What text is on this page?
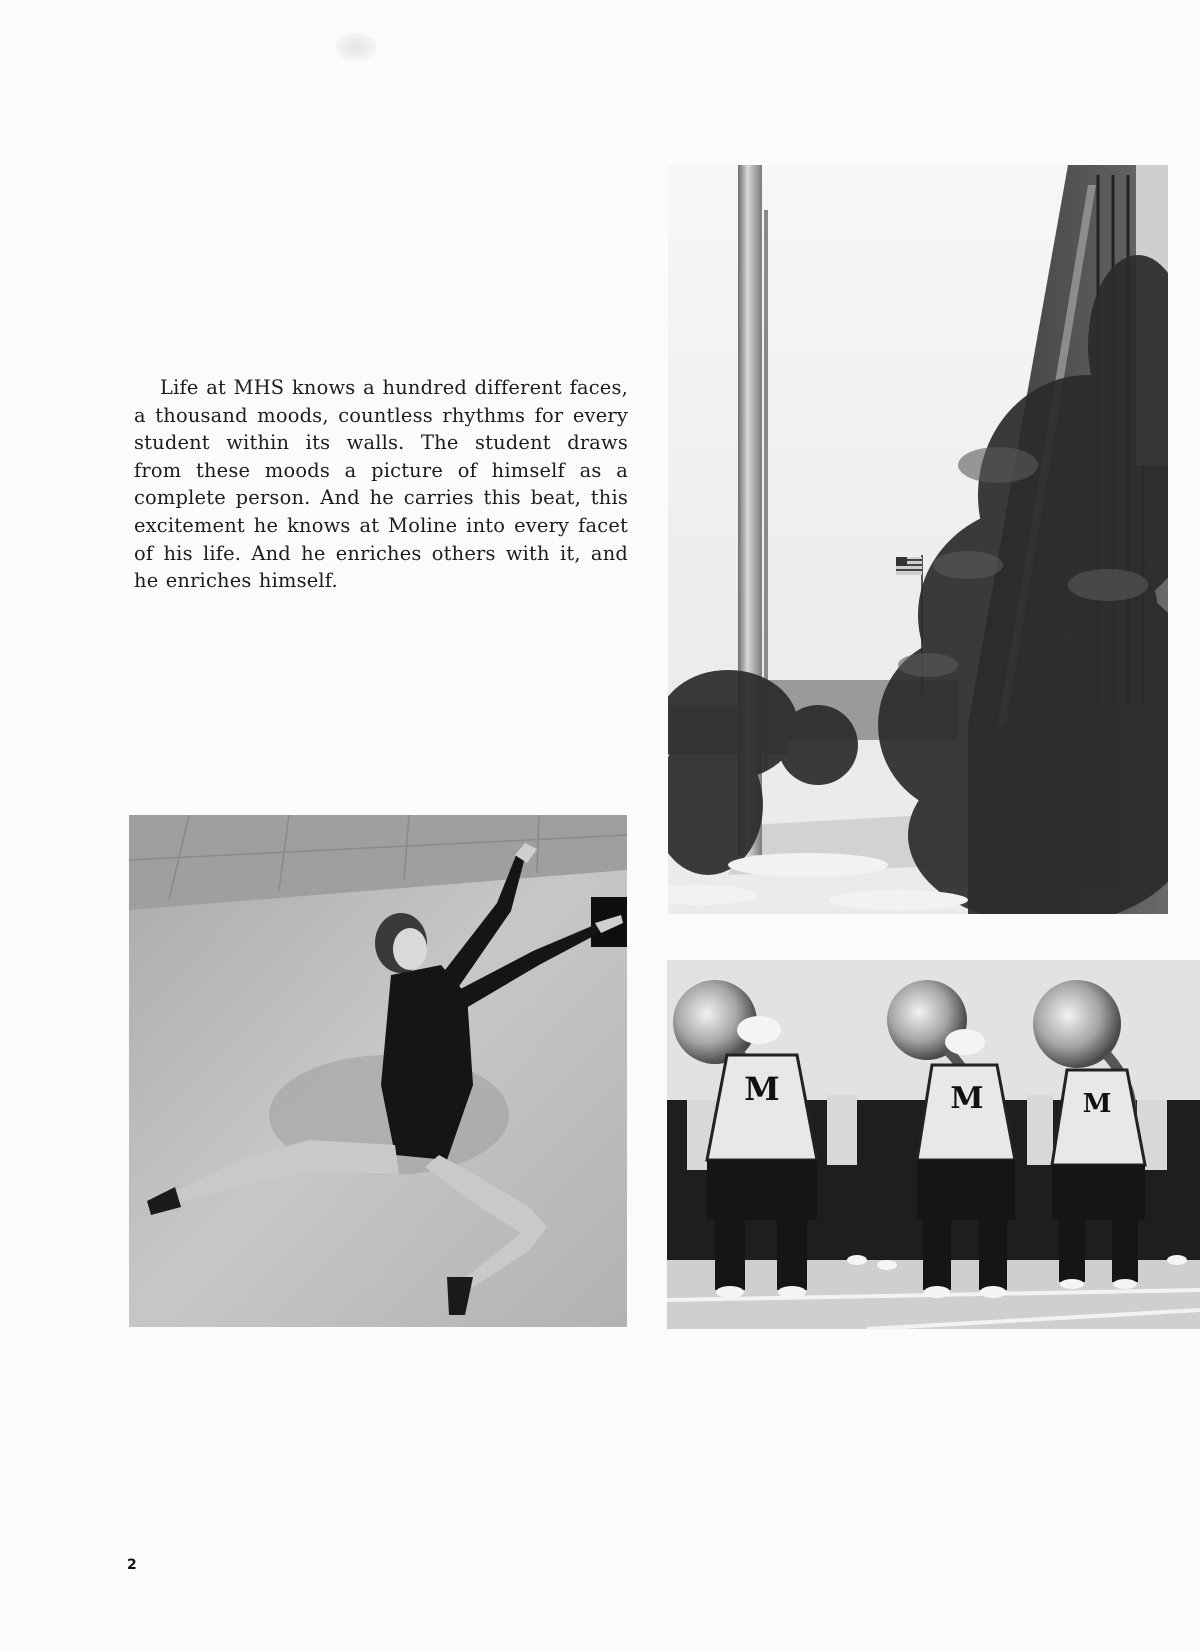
Life at MHS knows a hundred different faces, a thousand moods, countless rhythms for every student within its walls. The student draws from these moods a picture of himself as a complete person. And he carries this beat, this excitement he knows at Moline into every facet of his life. And he enriches others with it, and he enriches himself.

M	M	M
2
